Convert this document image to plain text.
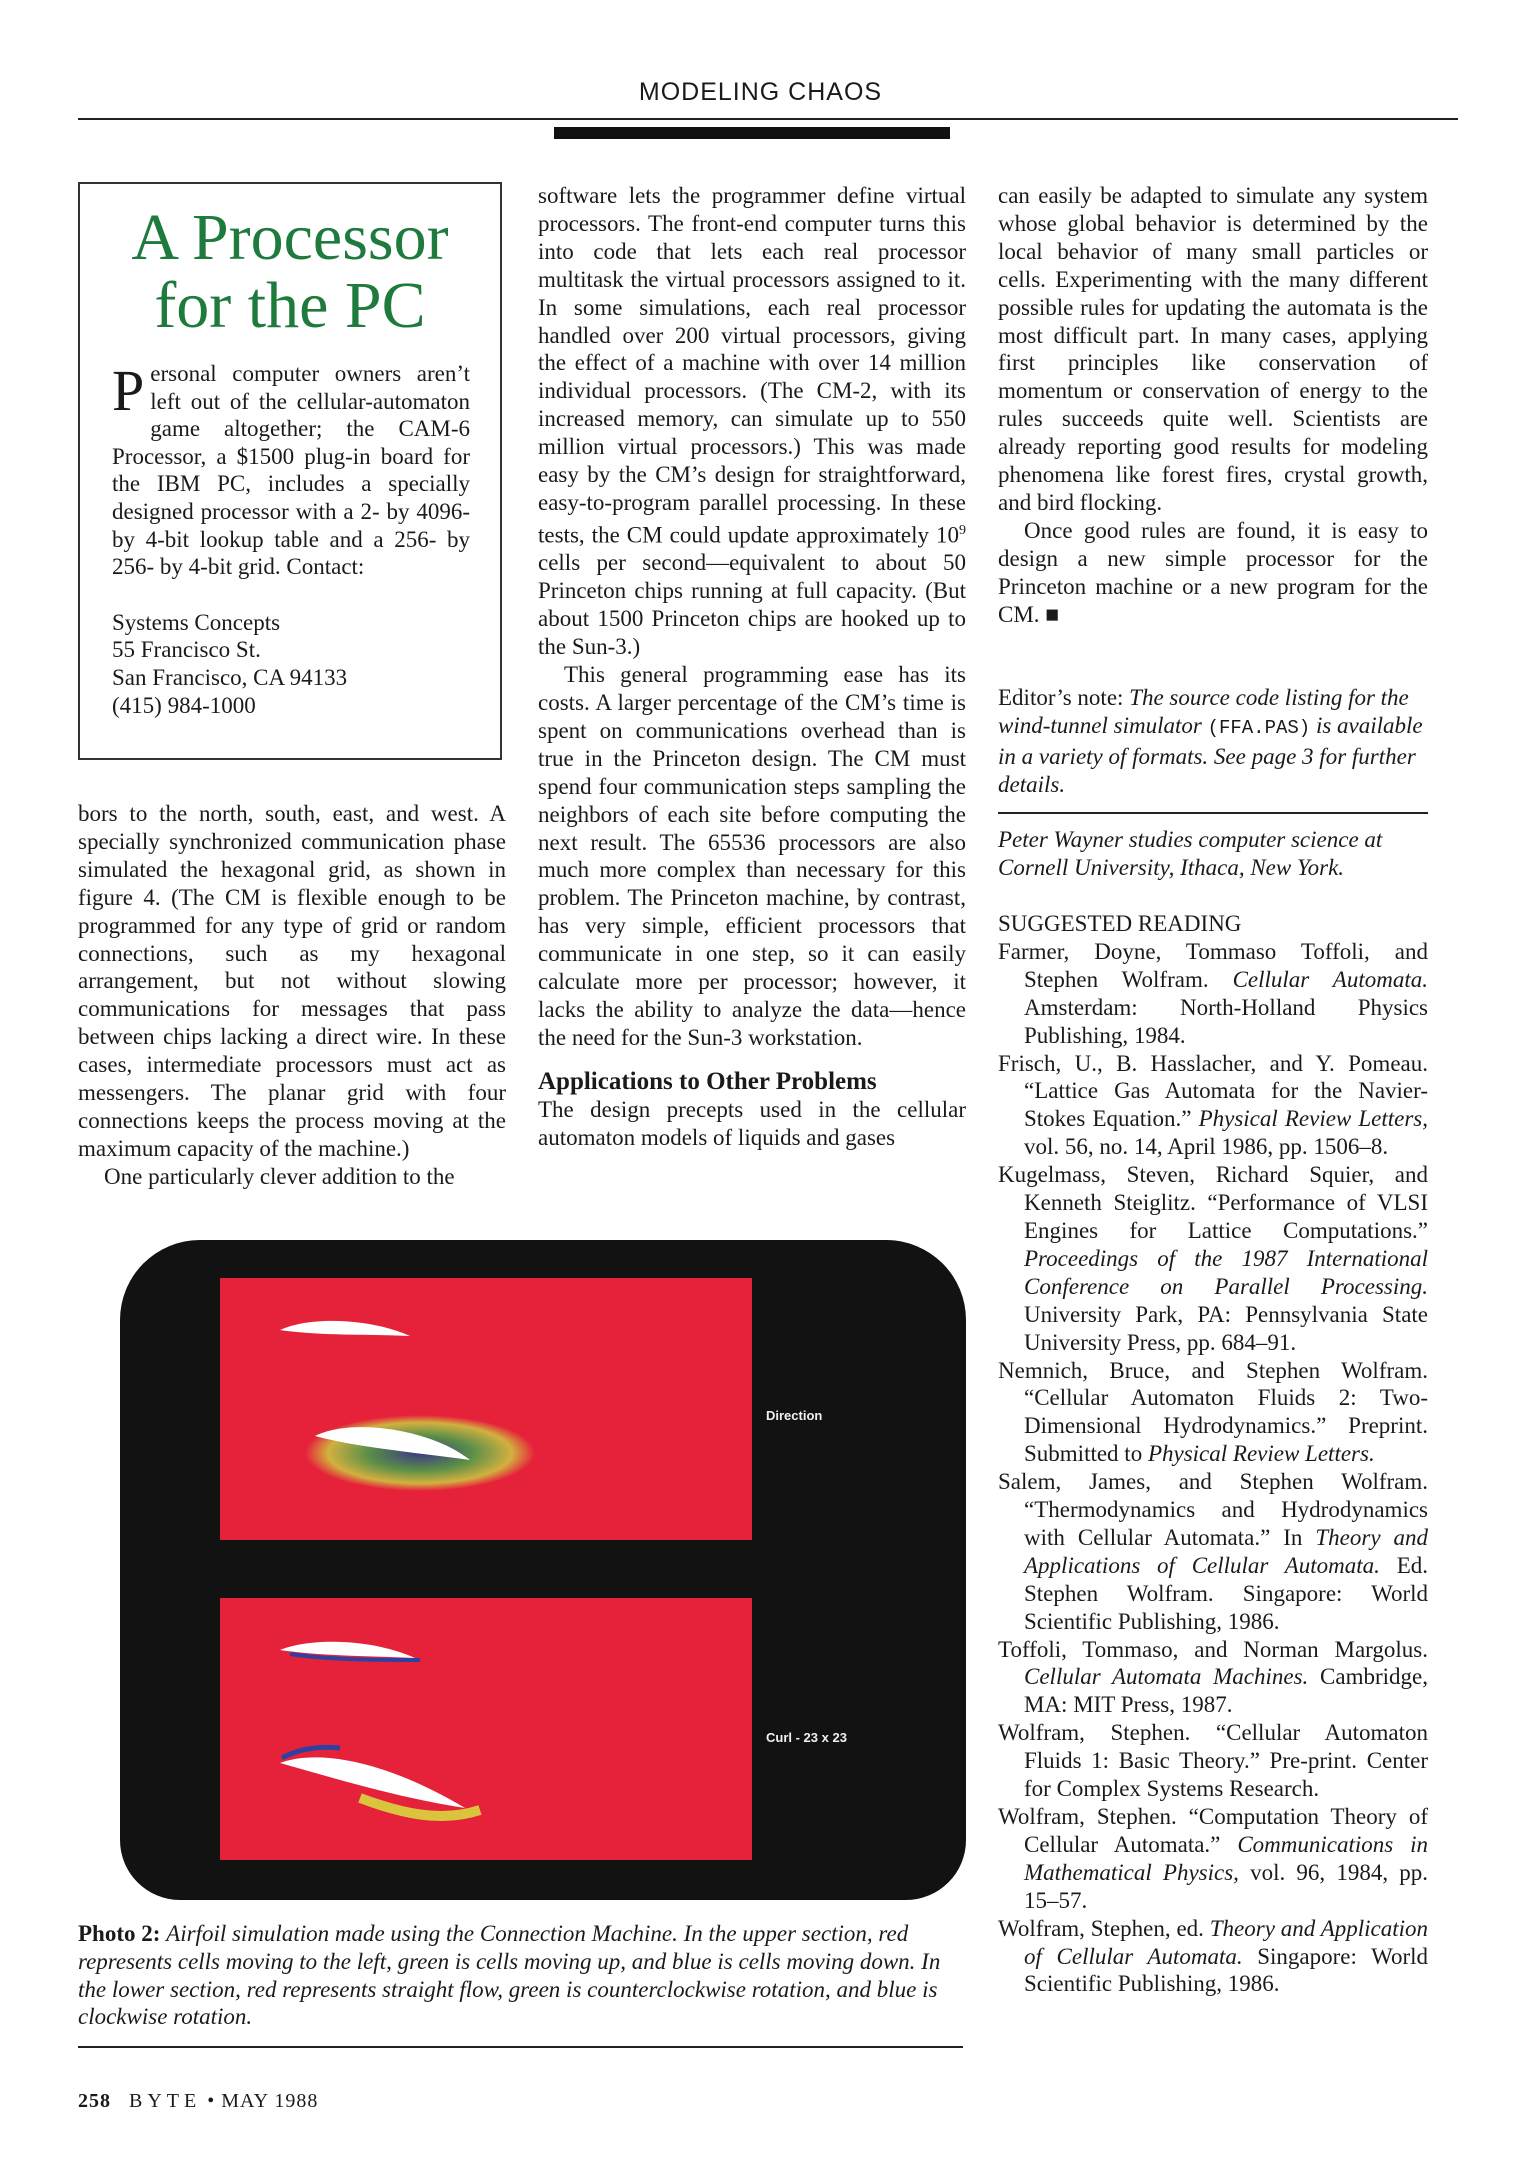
MODELING CHAOS
A Processor
for the PC
P ersonal computer owners aren’t left out of the cellular-automaton game altogether; the CAM-6 Processor, a $1500 plug-in board for the IBM PC, includes a specially designed processor with a 2- by 4096- by 4-bit lookup table and a 256- by 256- by 4-bit grid. Contact:
Systems Concepts
55 Francisco St.
San Francisco, CA 94133
(415) 984-1000

bors to the north, south, east, and west. A specially synchronized communication phase simulated the hexagonal grid, as shown in figure 4. (The CM is flexible enough to be programmed for any type of grid or random connections, such as my hexagonal arrangement, but not without slowing communications for messages that pass between chips lacking a direct wire. In these cases, intermediate processors must act as messengers. The planar grid with four connections keeps the process moving at the maximum capacity of the machine.)

One particularly clever addition to the

software lets the programmer define virtual processors. The front-end computer turns this into code that lets each real processor multitask the virtual processors assigned to it. In some simulations, each real processor handled over 200 virtual processors, giving the effect of a machine with over 14 million individual processors. (The CM-2, with its increased memory, can simulate up to 550 million virtual processors.) This was made easy by the CM’s design for straightforward, easy-to-program parallel processing. In these tests, the CM could update approximately $10^9$ cells per second—equivalent to about 50 Princeton chips running at full capacity. (But about 1500 Princeton chips are hooked up to the Sun-3.)

This general programming ease has its costs. A larger percentage of the CM’s time is spent on communications overhead than is true in the Princeton design. The CM must spend four communication steps sampling the neighbors of each site before computing the next result. The 65536 processors are also much more complex than necessary for this problem. The Princeton machine, by contrast, has very simple, efficient processors that communicate in one step, so it can easily calculate more per processor; however, it lacks the ability to analyze the data—hence the need for the Sun-3 workstation.

Applications to Other Problems

The design precepts used in the cellular automaton models of liquids and gases

can easily be adapted to simulate any system whose global behavior is determined by the local behavior of many small particles or cells. Experimenting with the many different possible rules for updating the automata is the most difficult part. In many cases, applying first principles like conservation of momentum or conservation of energy to the rules succeeds quite well. Scientists are already reporting good results for modeling phenomena like forest fires, crystal growth, and bird flocking.

Once good rules are found, it is easy to design a new simple processor for the Princeton machine or a new program for the CM. ■

Editor’s note: The source code listing for the wind-tunnel simulator (FFA.PAS) is available in a variety of formats. See page 3 for further details.
Peter Wayner studies computer science at Cornell University, Ithaca, New York.
SUGGESTED READING
Farmer, Doyne, Tommaso Toffoli, and Stephen Wolfram. Cellular Automata. Amsterdam: North-Holland Physics Publishing, 1984.
Frisch, U., B. Hasslacher, and Y. Pomeau. “Lattice Gas Automata for the Navier-Stokes Equation.” Physical Review Letters, vol. 56, no. 14, April 1986, pp. 1506–8.
Kugelmass, Steven, Richard Squier, and Kenneth Steiglitz. “Performance of VLSI Engines for Lattice Computations.” Proceedings of the 1987 International Conference on Parallel Processing. University Park, PA: Pennsylvania State University Press, pp. 684–91.
Nemnich, Bruce, and Stephen Wolfram. “Cellular Automaton Fluids 2: Two-Dimensional Hydrodynamics.” Preprint. Submitted to Physical Review Letters.
Salem, James, and Stephen Wolfram. “Thermodynamics and Hydrodynamics with Cellular Automata.” In Theory and Applications of Cellular Automata. Ed. Stephen Wolfram. Singapore: World Scientific Publishing, 1986.
Toffoli, Tommaso, and Norman Margolus. Cellular Automata Machines. Cambridge, MA: MIT Press, 1987.
Wolfram, Stephen. “Cellular Automaton Fluids 1: Basic Theory.” Pre-print. Center for Complex Systems Research.
Wolfram, Stephen. “Computation Theory of Cellular Automata.” Communications in Mathematical Physics, vol. 96, 1984, pp. 15–57.
Wolfram, Stephen, ed. Theory and Application of Cellular Automata. Singapore: World Scientific Publishing, 1986.
Direction
Curl - 23 x 23
Photo 2: Airfoil simulation made using the Connection Machine. In the upper section, red represents cells moving to the left, green is cells moving up, and blue is cells moving down. In the lower section, red represents straight flow, green is counterclockwise rotation, and blue is clockwise rotation.
258 BYTE • MAY 1988
